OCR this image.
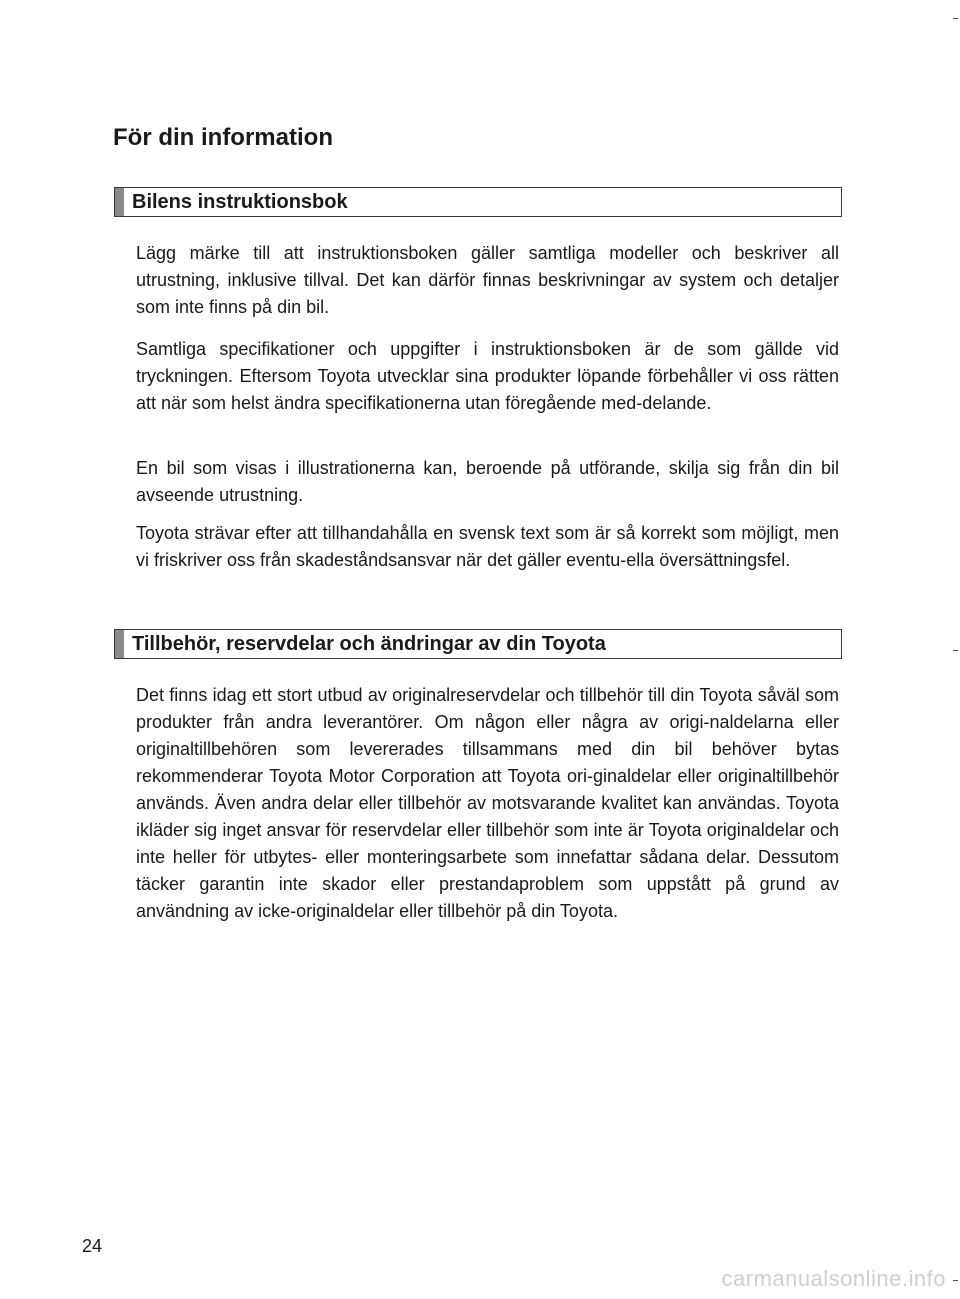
För din information
Bilens instruktionsbok

Lägg märke till att instruktionsboken gäller samtliga modeller och beskriver all utrustning, inklusive tillval. Det kan därför finnas beskrivningar av system och detaljer som inte finns på din bil.

Samtliga specifikationer och uppgifter i instruktionsboken är de som gällde vid tryckningen. Eftersom Toyota utvecklar sina produkter löpande förbehåller vi oss rätten att när som helst ändra specifikationerna utan föregående med-delande.

En bil som visas i illustrationerna kan, beroende på utförande, skilja sig från din bil avseende utrustning.

Toyota strävar efter att tillhandahålla en svensk text som är så korrekt som möjligt, men vi friskriver oss från skadeståndsansvar när det gäller eventu-ella översättningsfel.

Tillbehör, reservdelar och ändringar av din Toyota

Det finns idag ett stort utbud av originalreservdelar och tillbehör till din Toyota såväl som produkter från andra leverantörer. Om någon eller några av origi-naldelarna eller originaltillbehören som levererades tillsammans med din bil behöver bytas rekommenderar Toyota Motor Corporation att Toyota ori-ginaldelar eller originaltillbehör används. Även andra delar eller tillbehör av motsvarande kvalitet kan användas. Toyota ikläder sig inget ansvar för reservdelar eller tillbehör som inte är Toyota originaldelar och inte heller för utbytes- eller monteringsarbete som innefattar sådana delar. Dessutom täcker garantin inte skador eller prestandaproblem som uppstått på grund av användning av icke-originaldelar eller tillbehör på din Toyota.

24
carmanualsonline.info
